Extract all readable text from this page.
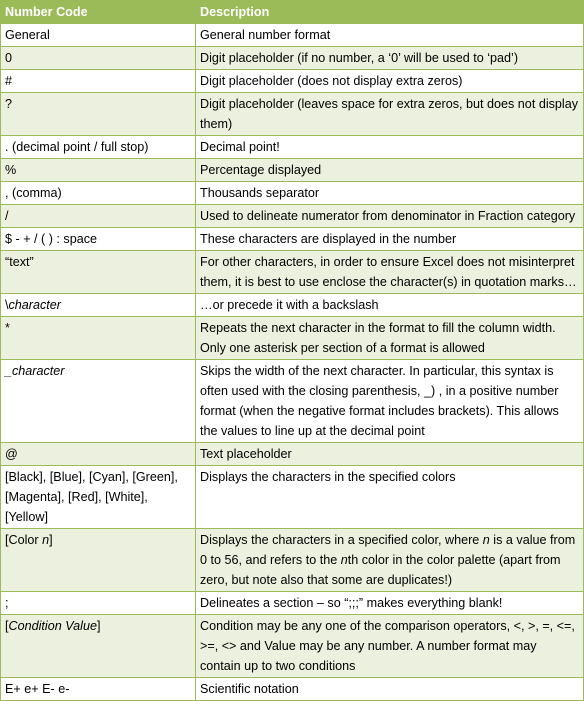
Number Code	Description
General	General number format
0	Digit placeholder (if no number, a ‘0’ will be used to ‘pad’)
#	Digit placeholder (does not display extra zeros)
?	Digit placeholder (leaves space for extra zeros, but does not display them)
. (decimal point / full stop)	Decimal point!
%	Percentage displayed
, (comma)	Thousands separator
/	Used to delineate numerator from denominator in Fraction category
$ - + / ( ) : space	These characters are displayed in the number
“text”	For other characters, in order to ensure Excel does not misinterpret them, it is best to use enclose the character(s) in quotation marks…
\character	…or precede it with a backslash
*	Repeats the next character in the format to fill the column width. Only one asterisk per section of a format is allowed
_character	Skips the width of the next character. In particular, this syntax is often used with the closing parenthesis, _) , in a positive number format (when the negative format includes brackets). This allows the values to line up at the decimal point
@	Text placeholder
[Black], [Blue], [Cyan], [Green], [Magenta], [Red], [White], [Yellow]	Displays the characters in the specified colors
[Color n]	Displays the characters in a specified color, where n is a value from 0 to 56, and refers to the nth color in the color palette (apart from zero, but note also that some are duplicates!)
;	Delineates a section – so “;;;” makes everything blank!
[Condition Value]	Condition may be any one of the comparison operators, <, >, =, <=, >=, <> and Value may be any number. A number format may contain up to two conditions
E+ e+ E- e-	Scientific notation
